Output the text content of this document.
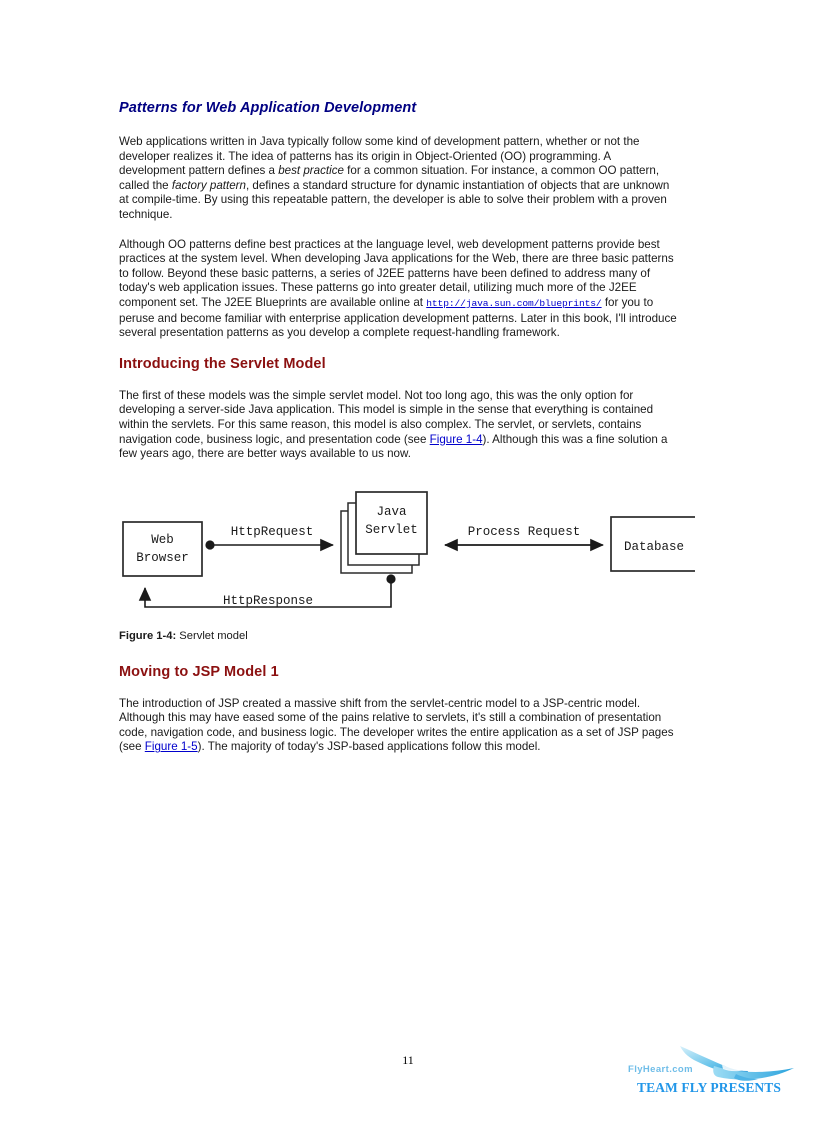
Patterns for Web Application Development

Web applications written in Java typically follow some kind of development pattern, whether or not the developer realizes it. The idea of patterns has its origin in Object-Oriented (OO) programming. A development pattern defines a best practice for a common situation. For instance, a common OO pattern, called the factory pattern, defines a standard structure for dynamic instantiation of objects that are unknown at compile-time. By using this repeatable pattern, the developer is able to solve their problem with a proven technique.

Although OO patterns define best practices at the language level, web development patterns provide best practices at the system level. When developing Java applications for the Web, there are three basic patterns to follow. Beyond these basic patterns, a series of J2EE patterns have been defined to address many of today's web application issues. These patterns go into greater detail, utilizing much more of the J2EE component set. The J2EE Blueprints are available online at http://java.sun.com/blueprints/ for you to peruse and become familiar with enterprise application development patterns. Later in this book, I'll introduce several presentation patterns as you develop a complete request-handling framework.

Introducing the Servlet Model

The first of these models was the simple servlet model. Not too long ago, this was the only option for developing a server-side Java application. This model is simple in the sense that everything is contained within the servlets. For this same reason, this model is also complex. The servlet, or servlets, contains navigation code, business logic, and presentation code (see Figure 1-4). Although this was a fine solution a few years ago, there are better ways available to us now.

Web
Browser
Java
Servlet
Database
HttpRequest	Process Request
HttpResponse

Figure 1-4: Servlet model

Moving to JSP Model 1

The introduction of JSP created a massive shift from the servlet-centric model to a JSP-centric model. Although this may have eased some of the pains relative to servlets, it's still a combination of presentation code, navigation code, and business logic. The developer writes the entire application as a set of JSP pages (see Figure 1-5). The majority of today's JSP-based applications follow this model.

11
FlyHeart.com
TEAM FLY PRESENTS
